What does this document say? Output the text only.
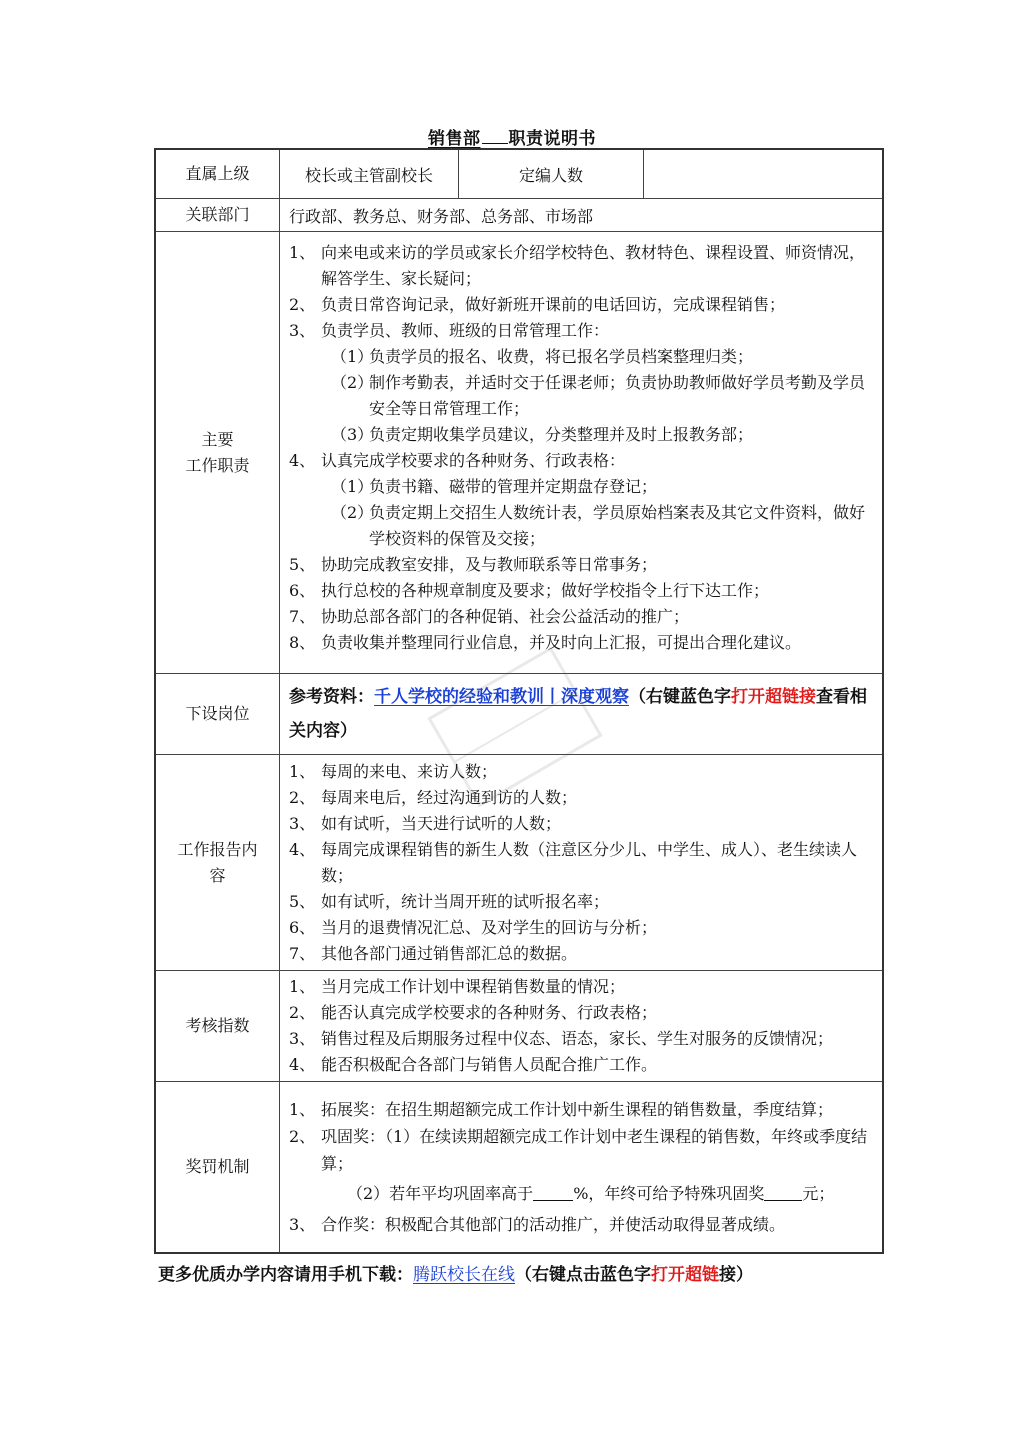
销售部 职责说明书
直属上级	校长或主管副校长	定编人数
关联部门	行政部、教务总、财务部、总务部、市场部
主要
工作职责
1、 向来电或来访的学员或家长介绍学校特色、教材特色、课程设置、师资情况，解答学生、家长疑问；
2、 负责日常咨询记录，做好新班开课前的电话回访，完成课程销售；
3、 负责学员、教师、班级的日常管理工作：
（1）
负责学员的报名、收费，将已报名学员档案整理归类；
（2）
制作考勤表，并适时交于任课老师；负责协助教师做好学员考勤及学员安全等日常管理工作；
（3）
负责定期收集学员建议，分类整理并及时上报教务部；
4、 认真完成学校要求的各种财务、行政表格：
（1）
负责书籍、磁带的管理并定期盘存登记；
（2）
负责定期上交招生人数统计表，学员原始档案表及其它文件资料，做好学校资料的保管及交接；
5、 协助完成教室安排，及与教师联系等日常事务；
6、 执行总校的各种规章制度及要求；做好学校指令上行下达工作；
7、 协助总部各部门的各种促销、社会公益活动的推广；
8、 负责收集并整理同行业信息，并及时向上汇报，可提出合理化建议。
下设岗位
参考资料：千人学校的经验和教训丨深度观察（右键蓝色字打开超链接查看相关内容）
工作报告内容
1、 每周的来电、来访人数；
2、 每周来电后，经过沟通到访的人数；
3、 如有试听，当天进行试听的人数；
4、 每周完成课程销售的新生人数（注意区分少儿、中学生、成人）、老生续读人数；
5、 如有试听，统计当周开班的试听报名率；
6、 当月的退费情况汇总、及对学生的回访与分析；
7、 其他各部门通过销售部汇总的数据。
考核指数
1、 当月完成工作计划中课程销售数量的情况；
2、 能否认真完成学校要求的各种财务、行政表格；
3、 销售过程及后期服务过程中仪态、语态，家长、学生对服务的反馈情况；
4、 能否积极配合各部门与销售人员配合推广工作。
奖罚机制
1、 拓展奖：在招生期超额完成工作计划中新生课程的销售数量，季度结算；
2、 巩固奖：（1）在续读期超额完成工作计划中老生课程的销售数，年终或季度结算；
（2）若年平均巩固率高于	%，年终可给予特殊巩固奖 元；
3、 合作奖：积极配合其他部门的活动推广，并使活动取得显著成绩。
更多优质办学内容请用手机下载：腾跃校长在线（右键点击蓝色字打开超链接）
